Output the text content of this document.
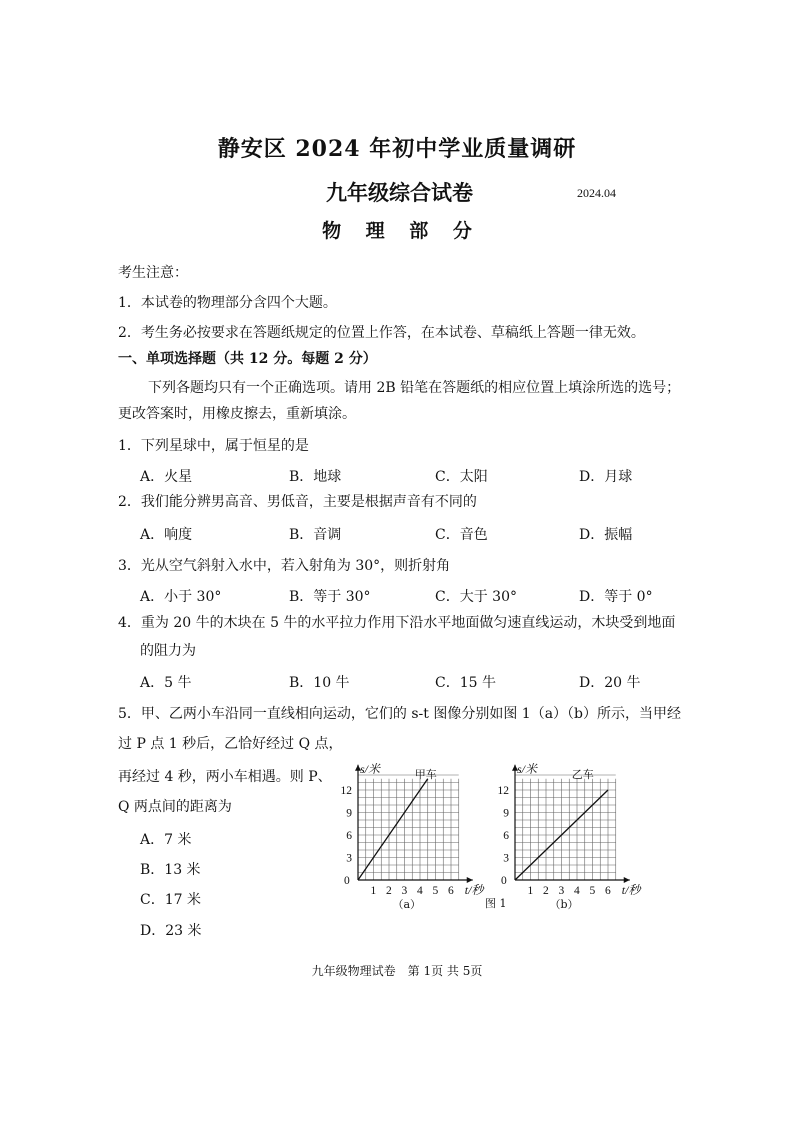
静安区 2024 年初中学业质量调研
九年级综合试卷	2024.04
物 理 部 分
考生注意：
1．本试卷的物理部分含四个大题。
2．考生务必按要求在答题纸规定的位置上作答，在本试卷、草稿纸上答题一律无效。
一、单项选择题（共 12 分。每题 2 分）
下列各题均只有一个正确选项。请用 2B 铅笔在答题纸的相应位置上填涂所选的选号；
更改答案时，用橡皮擦去，重新填涂。
1．下列星球中，属于恒星的是
A．火星	B．地球	C．太阳	D．月球
2．我们能分辨男高音、男低音，主要是根据声音有不同的
A．响度	B．音调	C．音色	D．振幅
3．光从空气斜射入水中，若入射角为 30°，则折射角
A．小于 30°	B．等于 30°	C．大于 30°	D．等于 0°
4．重为 20 牛的木块在 5 牛的水平拉力作用下沿水平地面做匀速直线运动，木块受到地面
的阻力为
A．5 牛	B．10 牛	C．15 牛	D．20 牛
5．甲、乙两小车沿同一直线相向运动，它们的 s-t 图像分别如图 1（a）（b）所示，当甲经
过 P 点 1 秒后，乙恰好经过 Q 点，
再经过 4 秒，两小车相遇。则 P、
Q 两点间的距离为
A．7 米
B．13 米
C．17 米
D．23 米
0
1 2 3 4 5 6
3
6
9
12
s/米
t/秒
甲车
（a）
0
1 2 3 4 5 6
3
6
9
12
s/米
t/秒
乙车
（b）
图 1
九年级物理试卷　第 1页 共 5页
